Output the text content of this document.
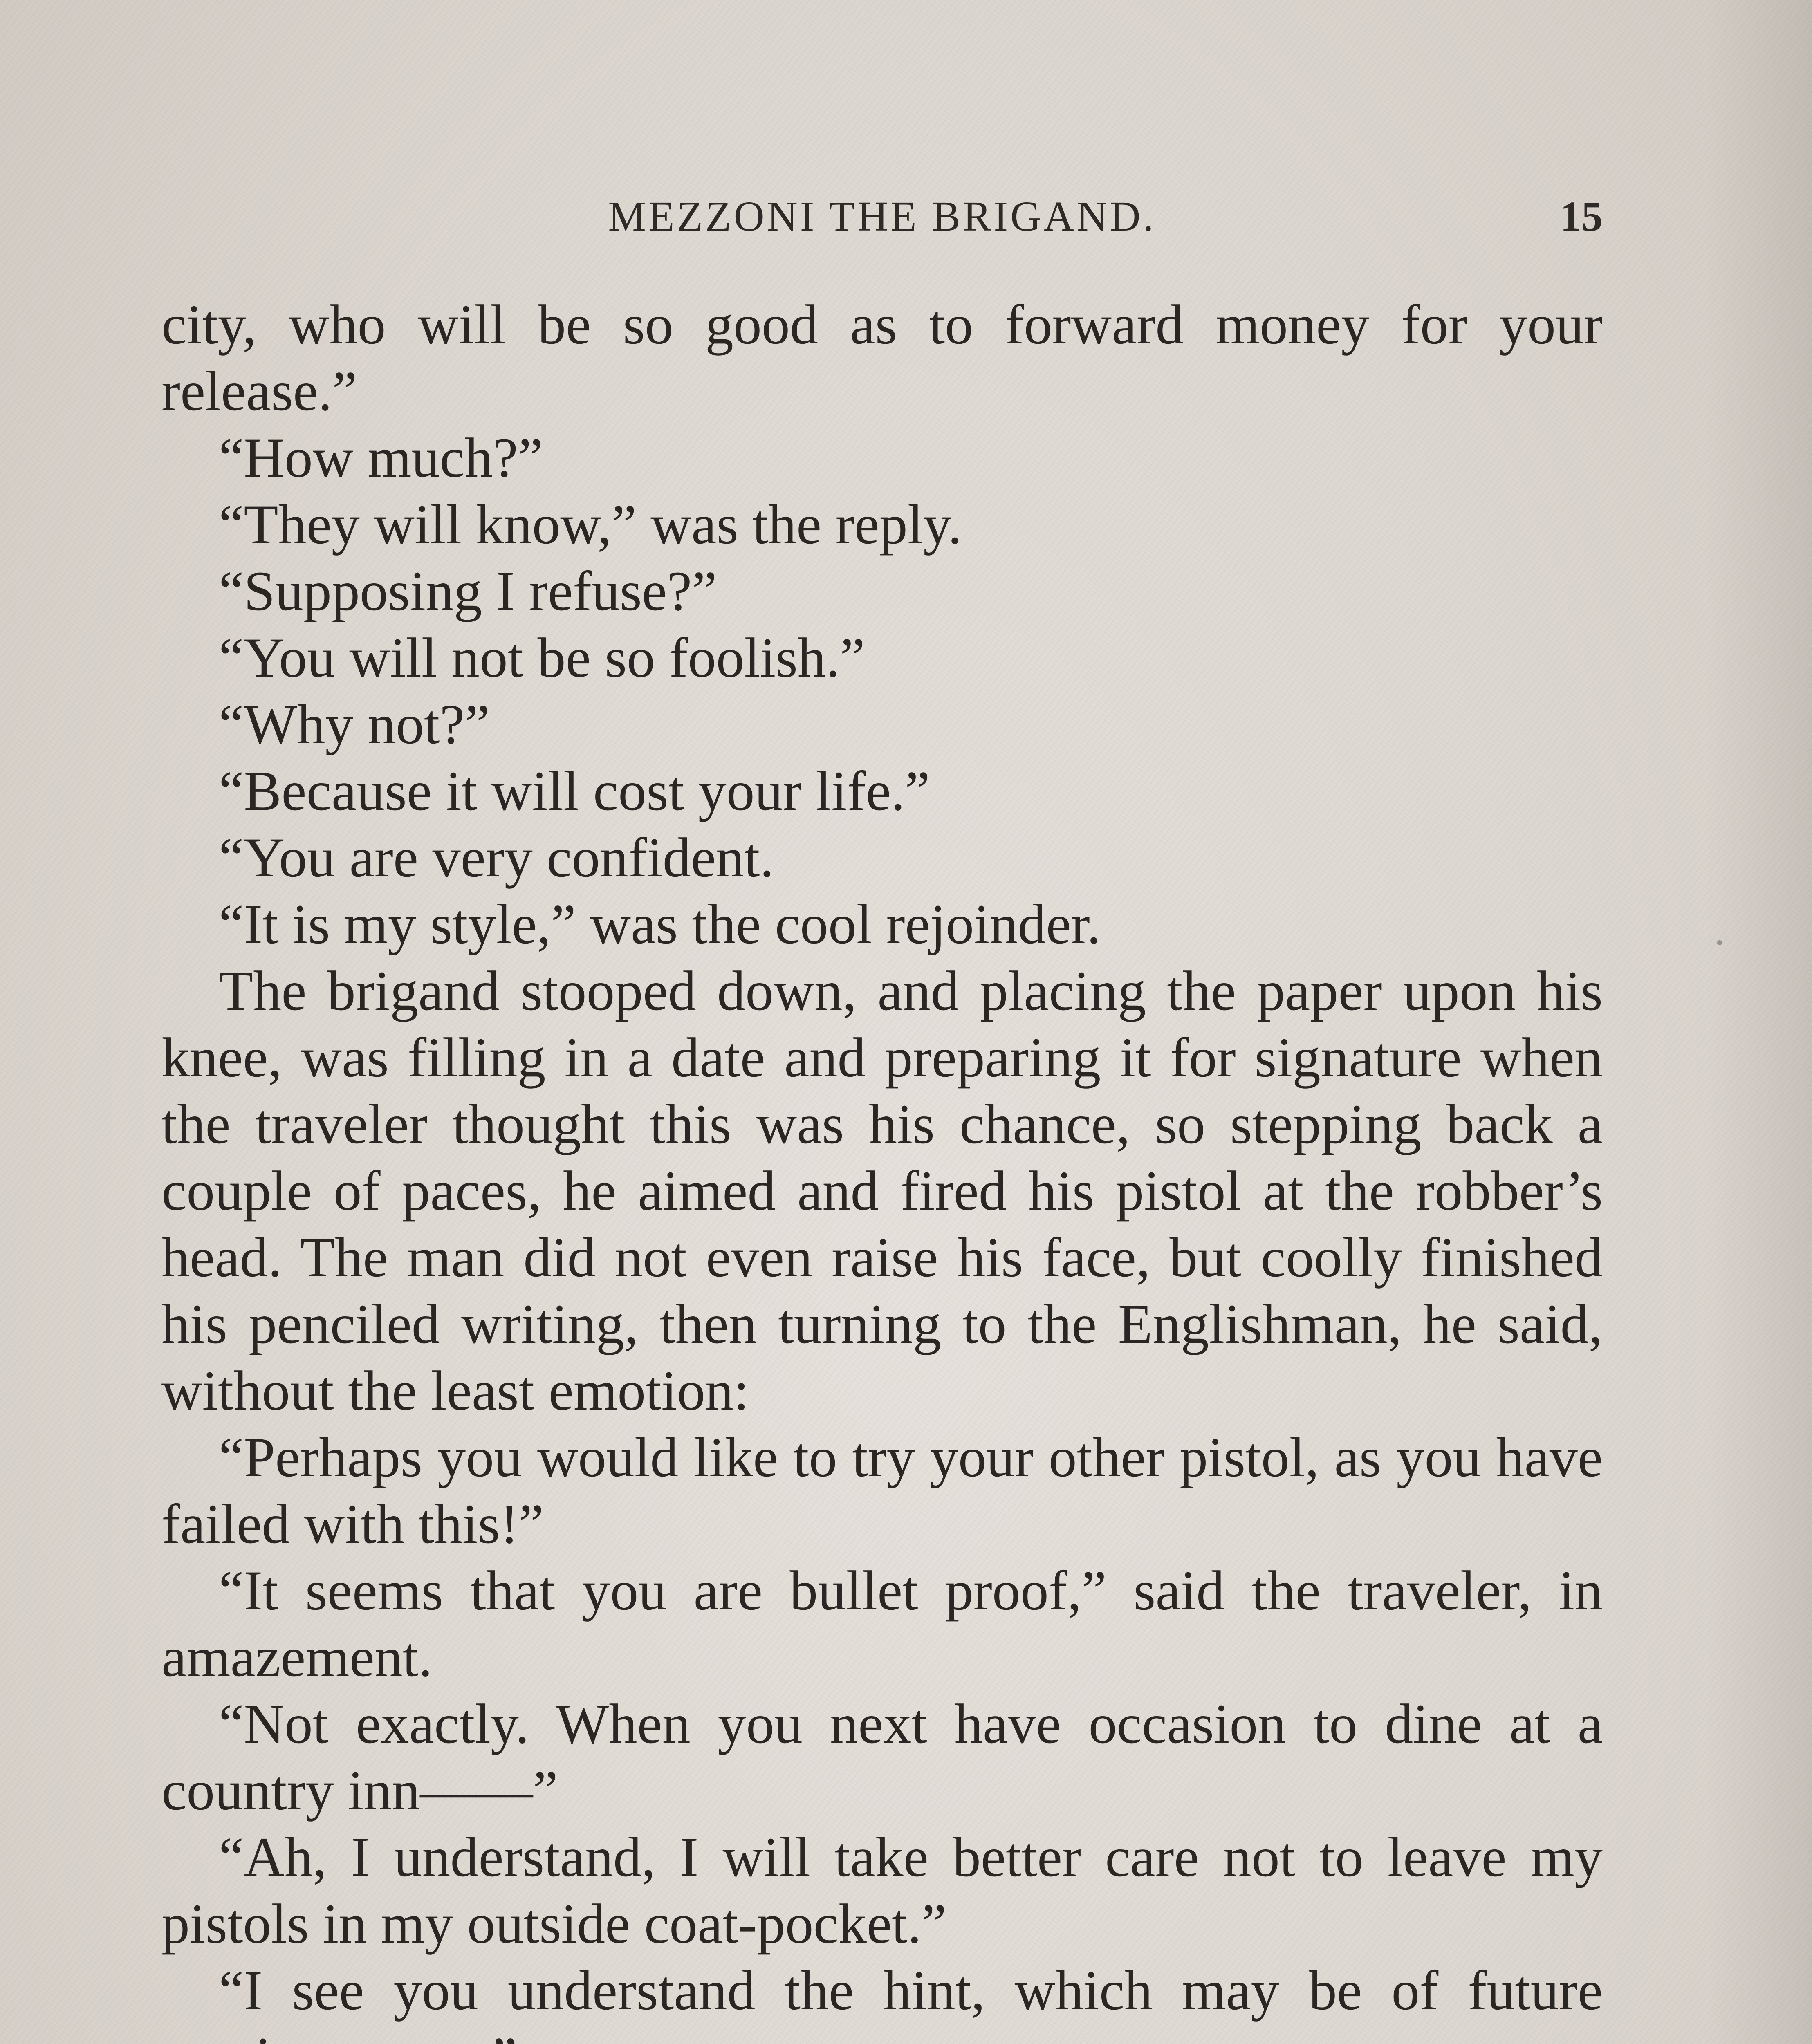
MEZZONI THE BRIGAND.	15

city, who will be so good as to forward money for your release.”

“How much?”

“They will know,” was the reply.

“Supposing I refuse?”

“You will not be so foolish.”

“Why not?”

“Because it will cost your life.”

“You are very confident.

“It is my style,” was the cool rejoinder.

The brigand stooped down, and placing the paper upon his knee, was filling in a date and preparing it for signature when the traveler thought this was his chance, so stepping back a couple of paces, he aimed and fired his pistol at the robber’s head. The man did not even raise his face, but coolly finished his penciled writing, then turning to the Englishman, he said, without the least emotion:

“Perhaps you would like to try your other pistol, as you have failed with this!”

“It seems that you are bullet proof,” said the traveler, in amazement.

“Not exactly. When you next have occasion to dine at a country inn——”

“Ah, I understand, I will take better care not to leave my pistols in my outside coat-pocket.”

“I see you understand the hint, which may be of future
